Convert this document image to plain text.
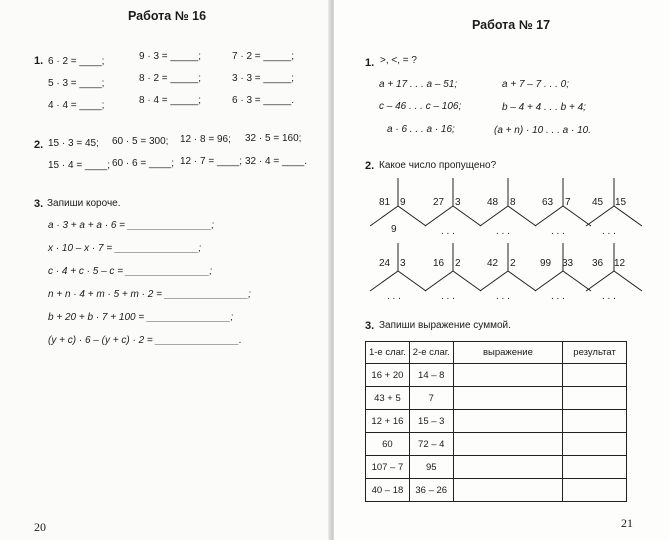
Работа № 16
1. 6 · 2 = ____;	9 · 3 = _____;	7 · 2 = _____;
5 · 3 = ____;	8 · 2 = _____;	3 · 3 = _____;
4 · 4 = ____;	8 · 4 = _____;	6 · 3 = _____.
2. 15 · 3 = 45; 60 · 5 = 300; 12 · 8 = 96; 32 · 5 = 160;
15 · 4 = ____; 60 · 6 = ____; 12 · 7 = ____; 32 · 4 = ____.
3. Запиши короче.
a · 3 + a + a · 6 = _______________;
x · 10 – x · 7 = _______________;
c · 4 + c · 5 – c = _______________;
n + n · 4 + m · 5 + m · 2 = _______________;
b + 20 + b · 7 + 100 = _______________;
(y + c) · 6 – (y + c) · 2 = _______________.
20
Работа № 17
1. >, <, = ?
a + 17 . . . a – 51;	a + 7 – 7 . . . 0;
c – 46 . . . c – 106;	b – 4 + 4 . . . b + 4;
a · 6 . . . a · 16;	(a + n) · 10 . . . a · 10.
2. Какое число пропущено?
81 9
9
27 3
. . .
48 8
. . .
63 7
. . .
45 15
. . .
24 3
. . .
16 2
. . .
42 2
. . .
99 33
. . .
36 12
. . .
3. Запиши выражение суммой.
1-е слаг.	2-е слаг.	выражение	результат
16 + 20	14 – 8		
43 + 5	7		
12 + 16	15 – 3		
60	72 – 4		
107 – 7	95		
40 – 18	36 – 26		
21
